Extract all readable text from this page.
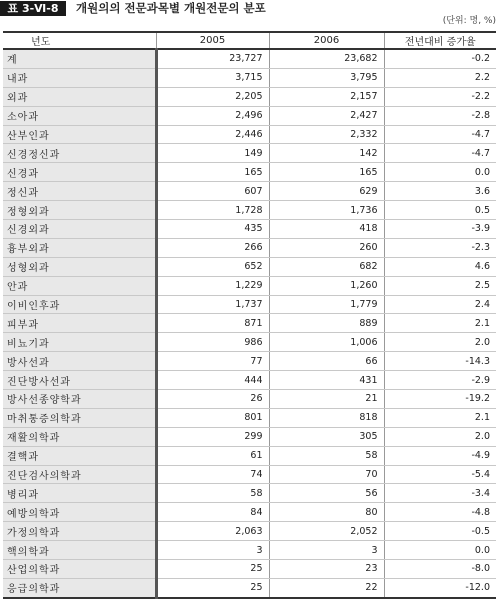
표 3-Ⅵ-8	개원의의 전문과목별 개원전문의 분포
(단위: 명, %)
년도	2005	2006	전년대비 증가율
계	23,727	23,682	-0.2
내과	3,715	3,795	2.2
외과	2,205	2,157	-2.2
소아과	2,496	2,427	-2.8
산부인과	2,446	2,332	-4.7
신경정신과	149	142	-4.7
신경과	165	165	0.0
정신과	607	629	3.6
정형외과	1,728	1,736	0.5
신경외과	435	418	-3.9
흉부외과	266	260	-2.3
성형외과	652	682	4.6
안과	1,229	1,260	2.5
이비인후과	1,737	1,779	2.4
피부과	871	889	2.1
비뇨기과	986	1,006	2.0
방사선과	77	66	-14.3
진단방사선과	444	431	-2.9
방사선종양학과	26	21	-19.2
마취통증의학과	801	818	2.1
재활의학과	299	305	2.0
결핵과	61	58	-4.9
진단검사의학과	74	70	-5.4
병리과	58	56	-3.4
예방의학과	84	80	-4.8
가정의학과	2,063	2,052	-0.5
핵의학과	3	3	0.0
산업의학과	25	23	-8.0
응급의학과	25	22	-12.0
